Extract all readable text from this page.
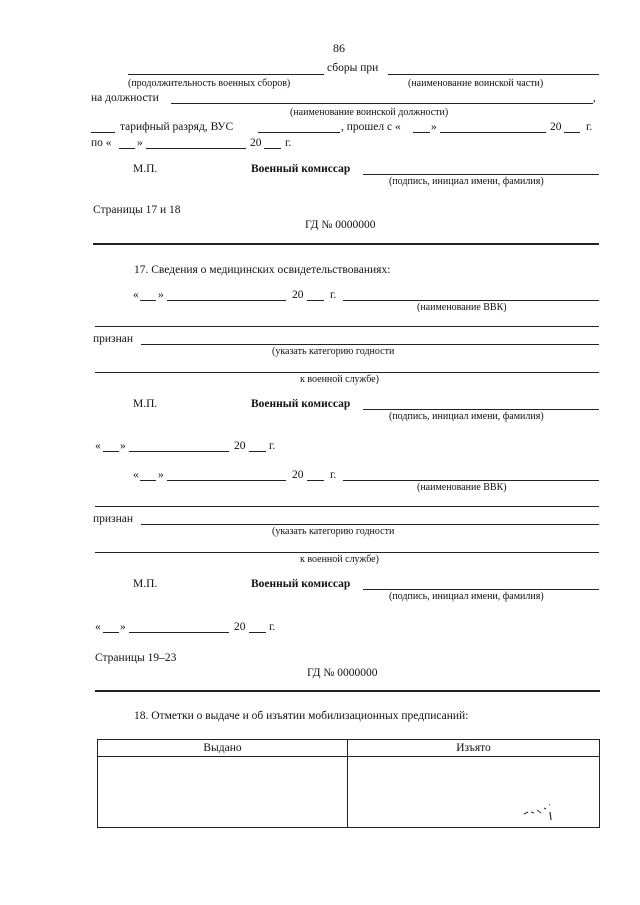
86
сборы при
(продолжительность военных сборов)	(наименование воинской части)
на должности	,
(наименование воинской должности)
тарифный разряд, ВУС	, прошел с «	»	20 г.
по « »	20 г.
М.П.	Военный комиссар
(подпись, инициал имени, фамилия)
Страницы 17 и 18
ГД № 0000000
17. Сведения о медицинских освидетельствованиях:
« »	20 г.
(наименование ВВК)
признан
(указать категорию годности
к военной службе)
М.П.	Военный комиссар
(подпись, инициал имени, фамилия)
« »	20 г.
« »	20 г.
(наименование ВВК)
признан
(указать категорию годности
к военной службе)
М.П.	Военный комиссар
(подпись, инициал имени, фамилия)
« »	20 г.
Страницы 19–23
ГД № 0000000
18. Отметки о выдаче и об изъятии мобилизационных предписаний:
Выдано	Изъято
